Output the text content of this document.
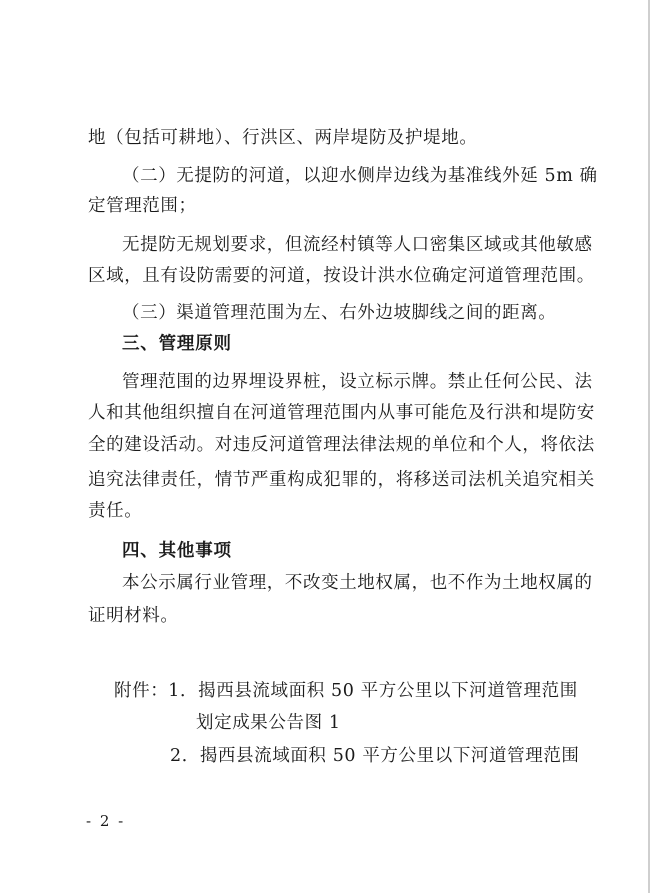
地（包括可耕地）、行洪区、两岸堤防及护堤地。
（二）无提防的河道，以迎水侧岸边线为基准线外延 5m 确
定管理范围；
无提防无规划要求，但流经村镇等人口密集区域或其他敏感
区域，且有设防需要的河道，按设计洪水位确定河道管理范围。
（三）渠道管理范围为左、右外边坡脚线之间的距离。
三、管理原则
管理范围的边界埋设界桩，设立标示牌。禁止任何公民、法
人和其他组织擅自在河道管理范围内从事可能危及行洪和堤防安
全的建设活动。对违反河道管理法律法规的单位和个人，将依法
追究法律责任，情节严重构成犯罪的，将移送司法机关追究相关
责任。
四、其他事项
本公示属行业管理，不改变土地权属，也不作为土地权属的
证明材料。
附件：1．揭西县流域面积 50 平方公里以下河道管理范围
划定成果公告图 1
2．揭西县流域面积 50 平方公里以下河道管理范围
- 2 -
